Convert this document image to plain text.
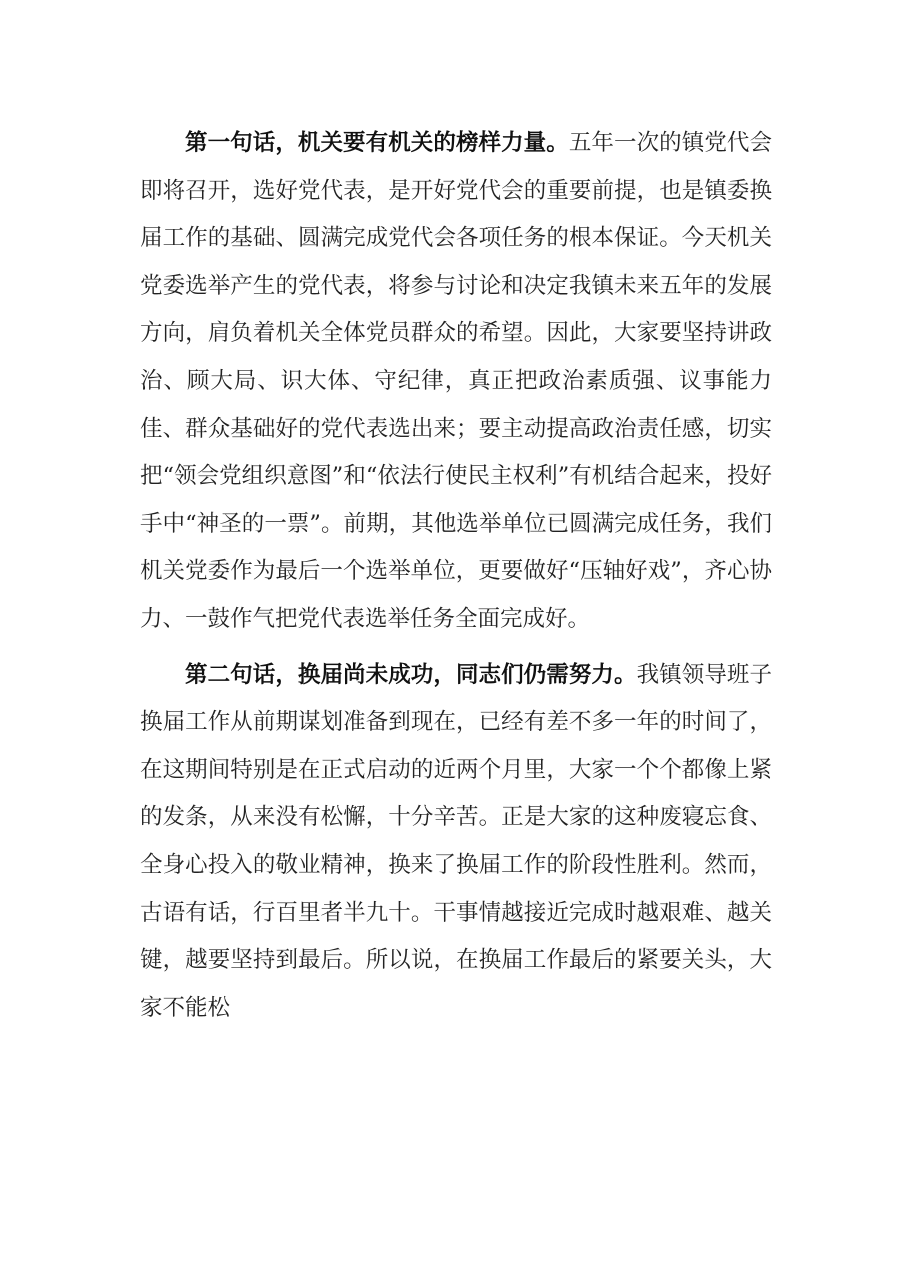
第一句话，机关要有机关的榜样力量。五年一次的镇党代会即将召开，选好党代表，是开好党代会的重要前提，也是镇委换届工作的基础、圆满完成党代会各项任务的根本保证。今天机关党委选举产生的党代表，将参与讨论和决定我镇未来五年的发展方向，肩负着机关全体党员群众的希望。因此，大家要坚持讲政治、顾大局、识大体、守纪律，真正把政治素质强、议事能力佳、群众基础好的党代表选出来；要主动提高政治责任感，切实把“领会党组织意图”和“依法行使民主权利”有机结合起来，投好手中“神圣的一票”。前期，其他选举单位已圆满完成任务，我们机关党委作为最后一个选举单位，更要做好“压轴好戏”，齐心协力、一鼓作气把党代表选举任务全面完成好。

第二句话，换届尚未成功，同志们仍需努力。我镇领导班子换届工作从前期谋划准备到现在，已经有差不多一年的时间了，在这期间特别是在正式启动的近两个月里，大家一个个都像上紧的发条，从来没有松懈，十分辛苦。正是大家的这种废寝忘食、全身心投入的敬业精神，换来了换届工作的阶段性胜利。然而，古语有话，行百里者半九十。干事情越接近完成时越艰难、越关键，越要坚持到最后。所以说，在换届工作最后的紧要关头，大家不能松
